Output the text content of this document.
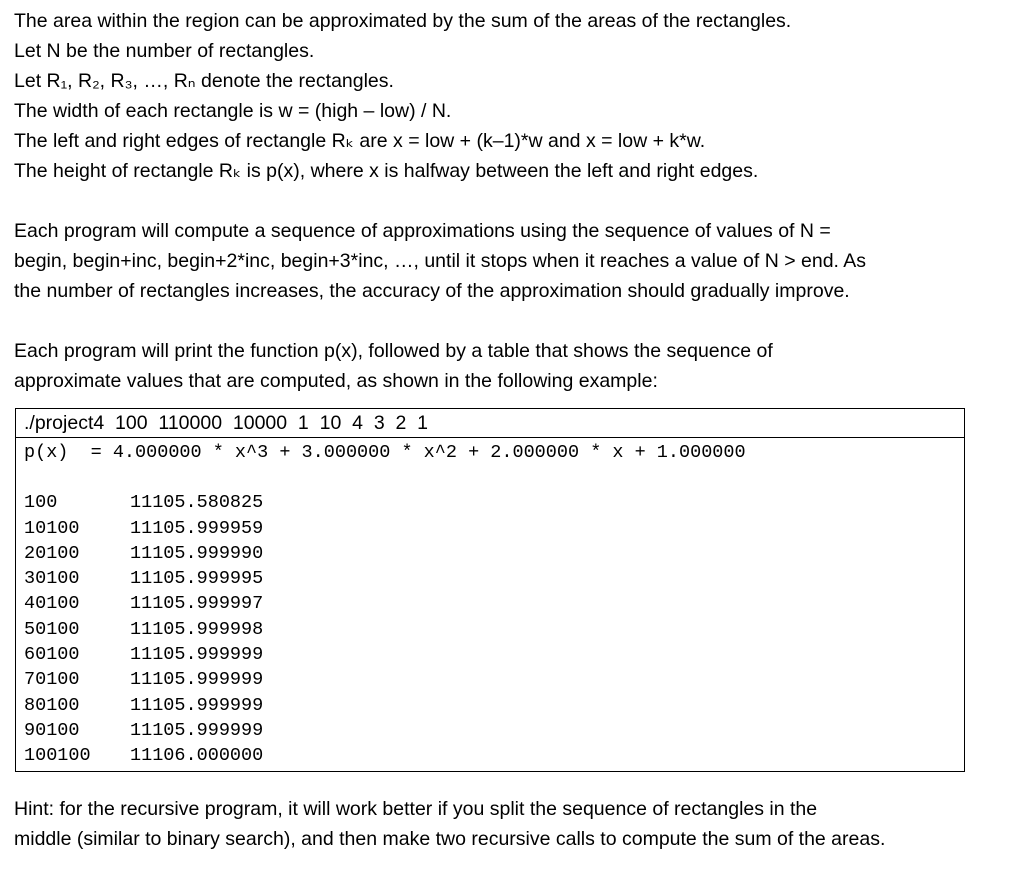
The area within the region can be approximated by the sum of the areas of the rectangles.
Let N be the number of rectangles.
Let R₁, R₂, R₃, …, Rₙ denote the rectangles.
The width of each rectangle is w = (high – low) / N.
The left and right edges of rectangle Rₖ are x = low + (k–1)*w and x = low + k*w.
The height of rectangle Rₖ is p(x), where x is halfway between the left and right edges.
Each program will compute a sequence of approximations using the sequence of values of N =
begin, begin+inc, begin+2*inc, begin+3*inc, …, until it stops when it reaches a value of N > end. As
the number of rectangles increases, the accuracy of the approximation should gradually improve.
Each program will print the function p(x), followed by a table that shows the sequence of
approximate values that are computed, as shown in the following example:
./project4  100  110000  10000  1  10  4  3  2  1
p(x)  = 4.000000 * x^3 + 3.000000 * x^2 + 2.000000 * x + 1.000000
100	11105.580825
10100	11105.999959
20100	11105.999990
30100	11105.999995
40100	11105.999997
50100	11105.999998
60100	11105.999999
70100	11105.999999
80100	11105.999999
90100	11105.999999
100100	11106.000000
Hint: for the recursive program, it will work better if you split the sequence of rectangles in the
middle (similar to binary search), and then make two recursive calls to compute the sum of the areas.
